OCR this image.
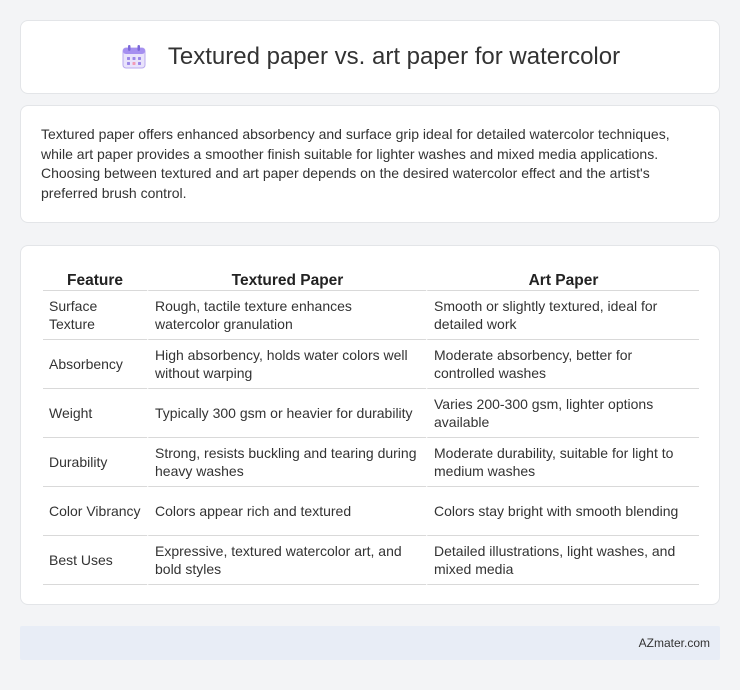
Textured paper vs. art paper for watercolor

Textured paper offers enhanced absorbency and surface grip ideal for detailed watercolor techniques, while art paper provides a smoother finish suitable for lighter washes and mixed media applications. Choosing between textured and art paper depends on the desired watercolor effect and the artist's preferred brush control.

Feature	Textured Paper	Art Paper
Surface Texture	Rough, tactile texture enhances watercolor granulation	Smooth or slightly textured, ideal for detailed work
Absorbency	High absorbency, holds water colors well without warping	Moderate absorbency, better for controlled washes
Weight	Typically 300 gsm or heavier for durability	Varies 200-300 gsm, lighter options available
Durability	Strong, resists buckling and tearing during heavy washes	Moderate durability, suitable for light to medium washes
Color Vibrancy	Colors appear rich and textured	Colors stay bright with smooth blending
Best Uses	Expressive, textured watercolor art, and bold styles	Detailed illustrations, light washes, and mixed media
AZmater.com
